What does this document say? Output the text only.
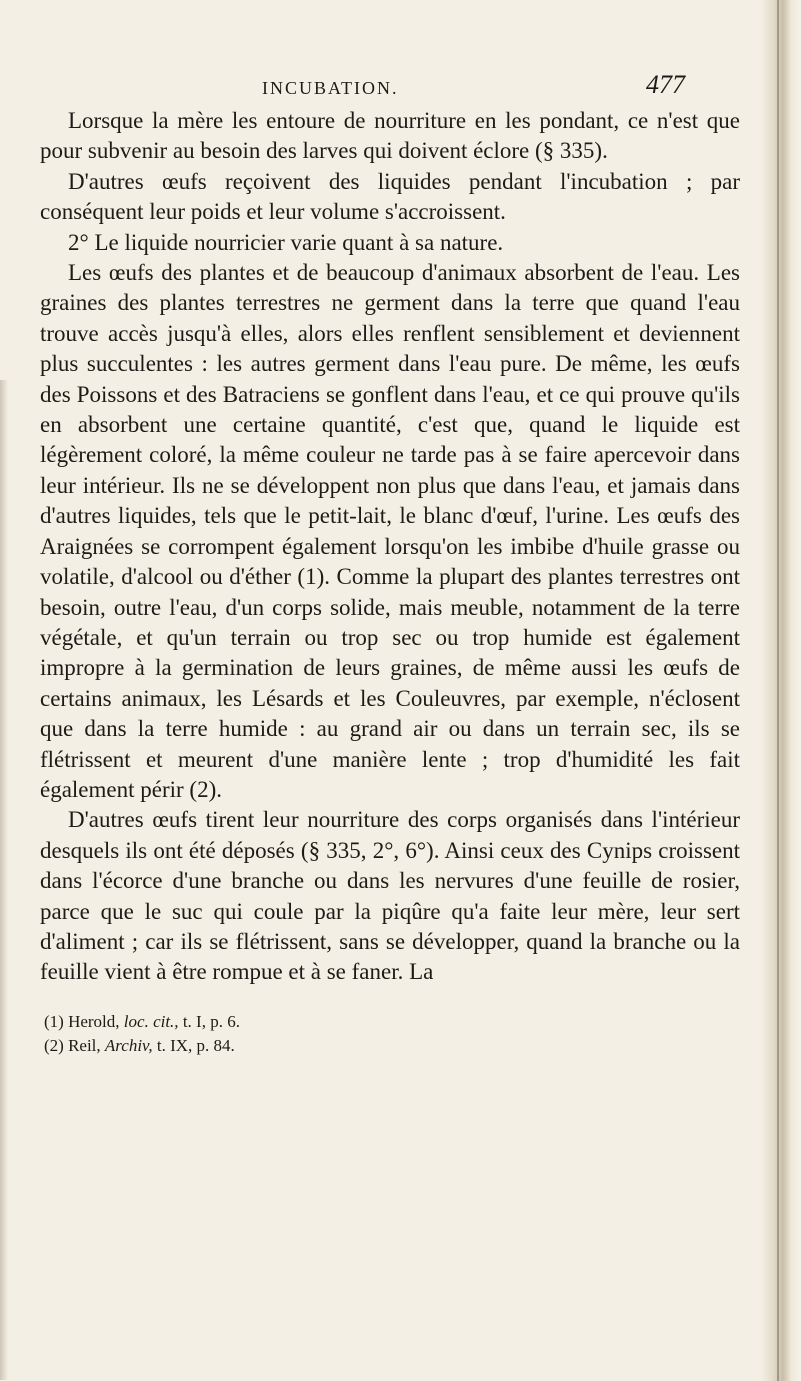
INCUBATION.	477

Lorsque la mère les entoure de nourriture en les pondant, ce n'est que pour subvenir au besoin des larves qui doivent éclore (§ 335).

D'autres œufs reçoivent des liquides pendant l'incubation ; par conséquent leur poids et leur volume s'accroissent.

2° Le liquide nourricier varie quant à sa nature.

Les œufs des plantes et de beaucoup d'animaux absorbent de l'eau. Les graines des plantes terrestres ne germent dans la terre que quand l'eau trouve accès jusqu'à elles, alors elles renflent sensiblement et deviennent plus succulentes : les autres germent dans l'eau pure. De même, les œufs des Poissons et des Batraciens se gonflent dans l'eau, et ce qui prouve qu'ils en absorbent une certaine quantité, c'est que, quand le liquide est légèrement coloré, la même couleur ne tarde pas à se faire apercevoir dans leur intérieur. Ils ne se développent non plus que dans l'eau, et jamais dans d'autres liquides, tels que le petit-lait, le blanc d'œuf, l'urine. Les œufs des Araignées se corrompent également lorsqu'on les imbibe d'huile grasse ou volatile, d'alcool ou d'éther (1). Comme la plupart des plantes terrestres ont besoin, outre l'eau, d'un corps solide, mais meuble, notamment de la terre végétale, et qu'un terrain ou trop sec ou trop humide est également impropre à la germination de leurs graines, de même aussi les œufs de certains animaux, les Lésards et les Couleuvres, par exemple, n'éclosent que dans la terre humide : au grand air ou dans un terrain sec, ils se flétrissent et meurent d'une manière lente ; trop d'humidité les fait également périr (2).

D'autres œufs tirent leur nourriture des corps organisés dans l'intérieur desquels ils ont été déposés (§ 335, 2°, 6°). Ainsi ceux des Cynips croissent dans l'écorce d'une branche ou dans les nervures d'une feuille de rosier, parce que le suc qui coule par la piqûre qu'a faite leur mère, leur sert d'aliment ; car ils se flétrissent, sans se développer, quand la branche ou la feuille vient à être rompue et à se faner. La

(1) Herold, loc. cit., t. I, p. 6.
(2) Reil, Archiv, t. IX, p. 84.
